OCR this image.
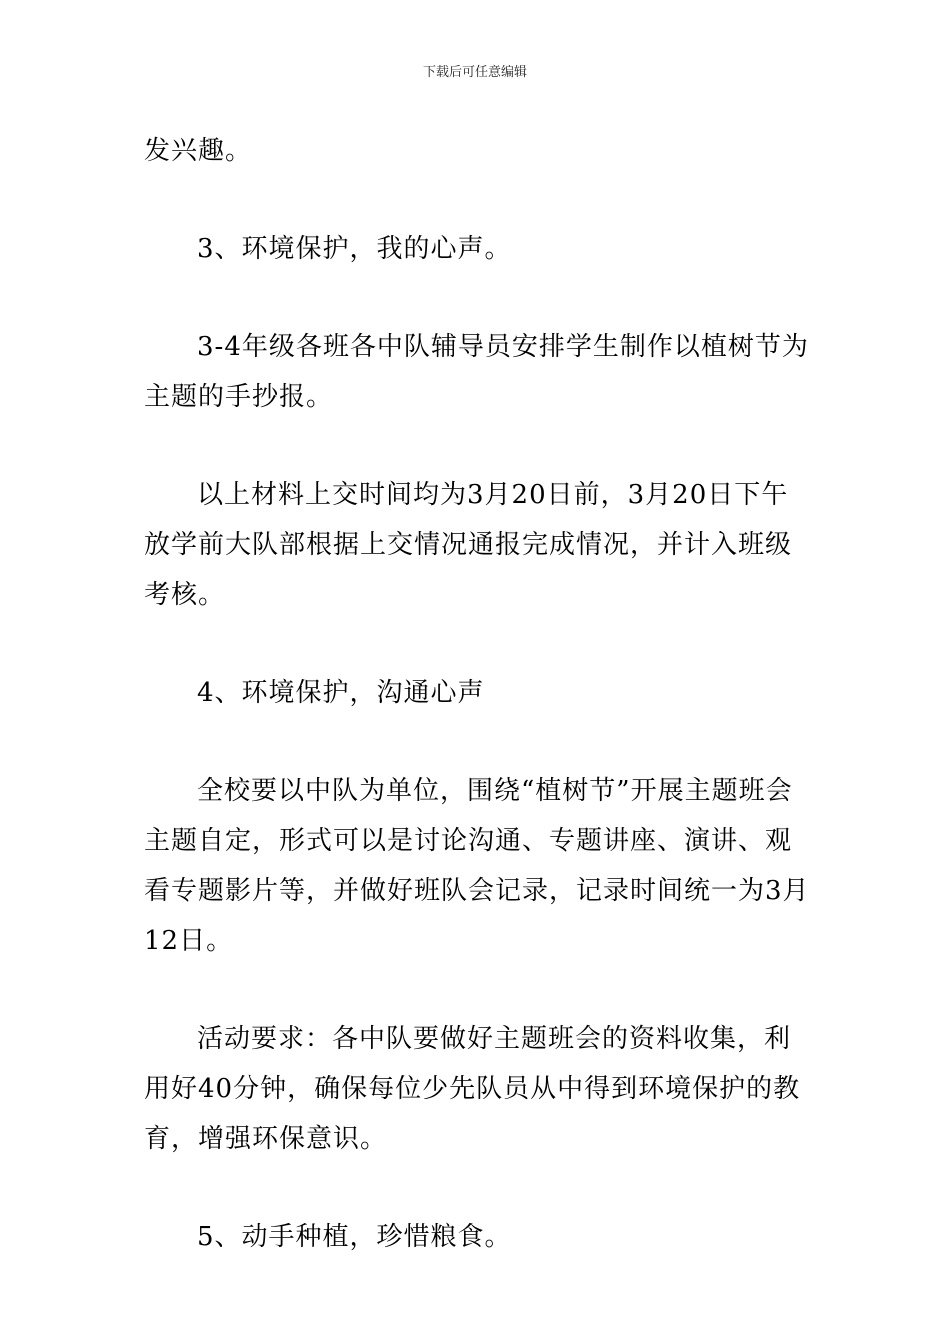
下载后可任意编辑

发兴趣。

3、环境保护，我的心声。

3-4年级各班各中队辅导员安排学生制作以植树节为主题的手抄报。

以上材料上交时间均为3月20日前，3月20日下午放学前大队部根据上交情况通报完成情况，并计入班级考核。

4、环境保护，沟通心声

全校要以中队为单位，围绕“植树节”开展主题班会主题自定，形式可以是讨论沟通、专题讲座、演讲、观看专题影片等，并做好班队会记录，记录时间统一为3月12日。

活动要求：各中队要做好主题班会的资料收集，利用好40分钟，确保每位少先队员从中得到环境保护的教育，增强环保意识。

5、动手种植，珍惜粮食。
